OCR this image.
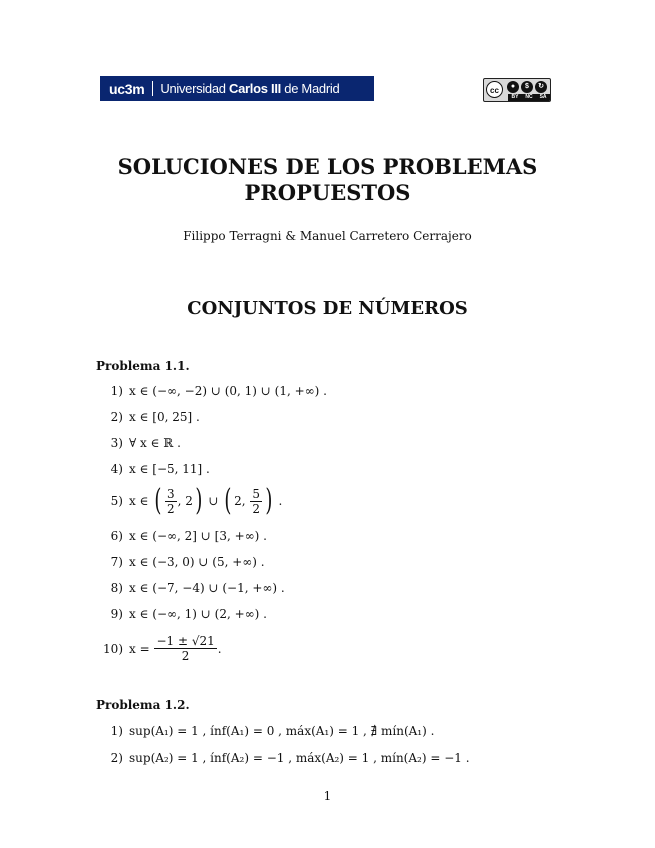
uc3m	Universidad Carlos III de Madrid	cc	●	$	↻
BY NC SA
SOLUCIONES DE LOS PROBLEMAS
PROPUESTOS
Filippo Terragni & Manuel Carretero Cerrajero
CONJUNTOS DE NÚMEROS
Problema 1.1.
1) x ∈ (−∞, −2) ∪ (0, 1) ∪ (1, +∞) .
2) x ∈ [0, 25] .
3) ∀ x ∈ ℝ .
4) x ∈ [−5, 11] .
5) x ∈
( $\frac{3}{2}$ , 2 )
∪
( 2,
$\frac{5}{2}$ )
.
6) x ∈ (−∞, 2] ∪ [3, +∞) .
7) x ∈ (−3, 0) ∪ (5, +∞) .
8) x ∈ (−7, −4) ∪ (−1, +∞) .
9) x ∈ (−∞, 1) ∪ (2, +∞) .
10) x =
$\frac{-1 \pm √21}{2}$ .
Problema 1.2.
1) sup(A₁) = 1 , ínf(A₁) = 0 , máx(A₁) = 1 , ∄ mín(A₁) .
2) sup(A₂) = 1 , ínf(A₂) = −1 , máx(A₂) = 1 , mín(A₂) = −1 .
1
